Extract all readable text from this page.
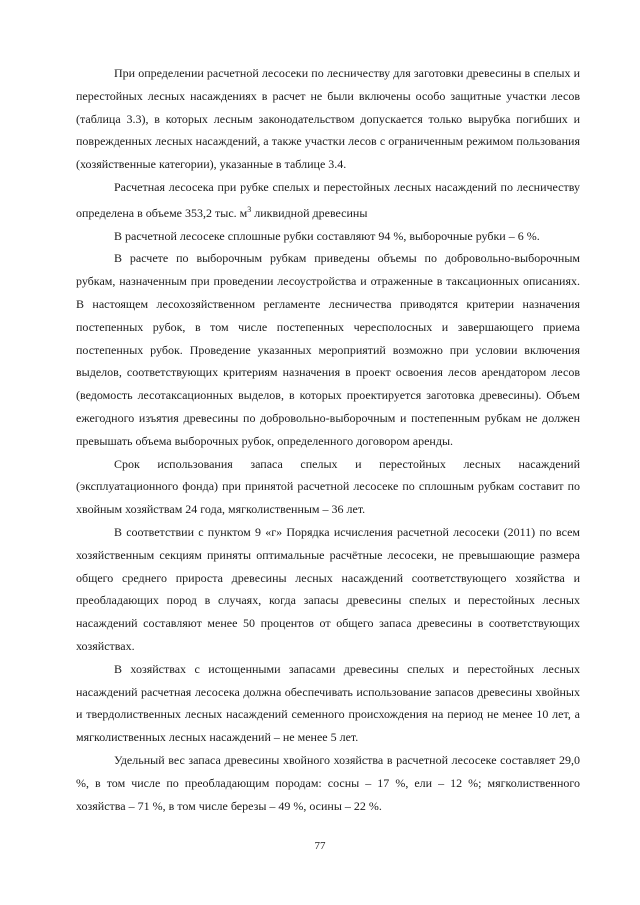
При определении расчетной лесосеки по лесничеству для заготовки древесины в спелых и перестойных лесных насаждениях в расчет не были включены особо защитные участки лесов (таблица 3.3), в которых лесным законодательством допускается только вырубка погибших и поврежденных лесных насаждений, а также участки лесов с ограниченным режимом пользования (хозяйственные категории), указанные в таблице 3.4.

Расчетная лесосека при рубке спелых и перестойных лесных насаждений по лесничеству определена в объеме 353,2 тыс. $м^3$ ликвидной древесины

В расчетной лесосеке сплошные рубки составляют 94 %, выборочные рубки – 6 %.

В расчете по выборочным рубкам приведены объемы по добровольно-выборочным рубкам, назначенным при проведении лесоустройства и отраженные в таксационных описаниях. В настоящем лесохозяйственном регламенте лесничества приводятся критерии назначения постепенных рубок, в том числе постепенных чересполосных и завершающего приема постепенных рубок. Проведение указанных мероприятий возможно при условии включения выделов, соответствующих критериям назначения в проект освоения лесов арендатором лесов (ведомость лесотаксационных выделов, в которых проектируется заготовка древесины). Объем ежегодного изъятия древесины по добровольно-выборочным и постепенным рубкам не должен превышать объема выборочных рубок, определенного договором аренды.

Срок использования запаса спелых и перестойных лесных насаждений (эксплуатационного фонда) при принятой расчетной лесосеке по сплошным рубкам составит по хвойным хозяйствам 24 года, мягколиственным – 36 лет.

В соответствии с пунктом 9 «г» Порядка исчисления расчетной лесосеки (2011) по всем хозяйственным секциям приняты оптимальные расчётные лесосеки, не превышающие размера общего среднего прироста древесины лесных насаждений соответствующего хозяйства и преобладающих пород в случаях, когда запасы древесины спелых и перестойных лесных насаждений составляют менее 50 процентов от общего запаса древесины в соответствующих хозяйствах.

В хозяйствах с истощенными запасами древесины спелых и перестойных лесных насаждений расчетная лесосека должна обеспечивать использование запасов древесины хвойных и твердолиственных лесных насаждений семенного происхождения на период не менее 10 лет, а мягколиственных лесных насаждений – не менее 5 лет.

Удельный вес запаса древесины хвойного хозяйства в расчетной лесосеке составляет 29,0 %, в том числе по преобладающим породам: сосны – 17 %, ели – 12 %; мягколиственного хозяйства – 71 %, в том числе березы – 49 %, осины – 22 %.

77
